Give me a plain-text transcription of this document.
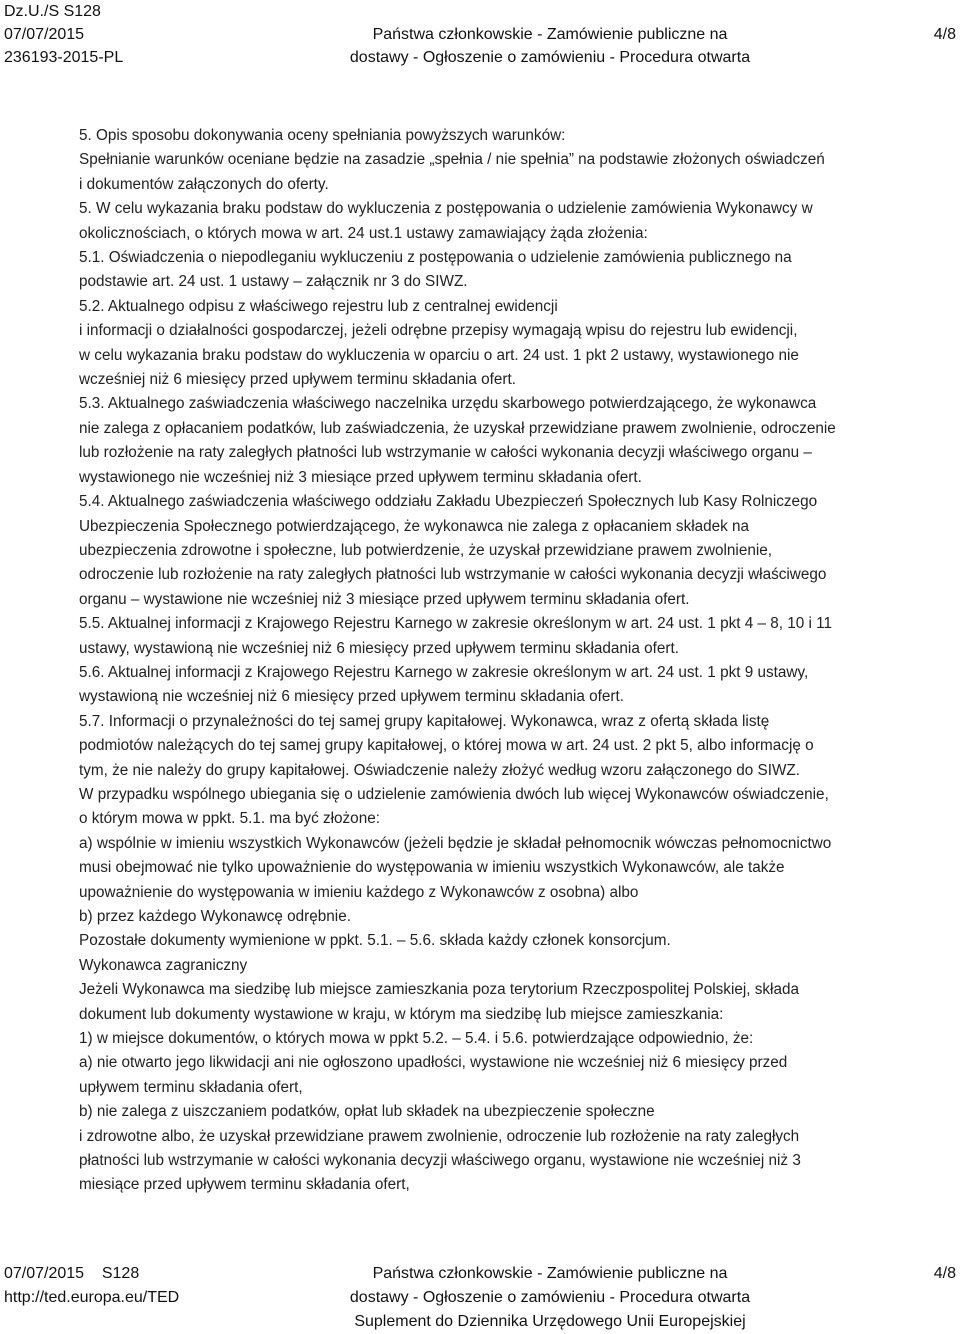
Dz.U./S S128
07/07/2015
236193-2015-PL
Państwa członkowskie - Zamówienie publiczne na
dostawy - Ogłoszenie o zamówieniu - Procedura otwarta
4/8

5. Opis sposobu dokonywania oceny spełniania powyższych warunków:

Spełnianie warunków oceniane będzie na zasadzie „spełnia / nie spełnia” na podstawie złożonych oświadczeń

i dokumentów załączonych do oferty.

5. W celu wykazania braku podstaw do wykluczenia z postępowania o udzielenie zamówienia Wykonawcy w

okolicznościach, o których mowa w art. 24 ust.1 ustawy zamawiający żąda złożenia:

5.1. Oświadczenia o niepodleganiu wykluczeniu z postępowania o udzielenie zamówienia publicznego na

podstawie art. 24 ust. 1 ustawy – załącznik nr 3 do SIWZ.

5.2. Aktualnego odpisu z właściwego rejestru lub z centralnej ewidencji

i informacji o działalności gospodarczej, jeżeli odrębne przepisy wymagają wpisu do rejestru lub ewidencji,

w celu wykazania braku podstaw do wykluczenia w oparciu o art. 24 ust. 1 pkt 2 ustawy, wystawionego nie

wcześniej niż 6 miesięcy przed upływem terminu składania ofert.

5.3. Aktualnego zaświadczenia właściwego naczelnika urzędu skarbowego potwierdzającego, że wykonawca

nie zalega z opłacaniem podatków, lub zaświadczenia, że uzyskał przewidziane prawem zwolnienie, odroczenie

lub rozłożenie na raty zaległych płatności lub wstrzymanie w całości wykonania decyzji właściwego organu –

wystawionego nie wcześniej niż 3 miesiące przed upływem terminu składania ofert.

5.4. Aktualnego zaświadczenia właściwego oddziału Zakładu Ubezpieczeń Społecznych lub Kasy Rolniczego

Ubezpieczenia Społecznego potwierdzającego, że wykonawca nie zalega z opłacaniem składek na

ubezpieczenia zdrowotne i społeczne, lub potwierdzenie, że uzyskał przewidziane prawem zwolnienie,

odroczenie lub rozłożenie na raty zaległych płatności lub wstrzymanie w całości wykonania decyzji właściwego

organu – wystawione nie wcześniej niż 3 miesiące przed upływem terminu składania ofert.

5.5. Aktualnej informacji z Krajowego Rejestru Karnego w zakresie określonym w art. 24 ust. 1 pkt 4 – 8, 10 i 11

ustawy, wystawioną nie wcześniej niż 6 miesięcy przed upływem terminu składania ofert.

5.6. Aktualnej informacji z Krajowego Rejestru Karnego w zakresie określonym w art. 24 ust. 1 pkt 9 ustawy,

wystawioną nie wcześniej niż 6 miesięcy przed upływem terminu składania ofert.

5.7. Informacji o przynależności do tej samej grupy kapitałowej. Wykonawca, wraz z ofertą składa listę

podmiotów należących do tej samej grupy kapitałowej, o której mowa w art. 24 ust. 2 pkt 5, albo informację o

tym, że nie należy do grupy kapitałowej. Oświadczenie należy złożyć według wzoru załączonego do SIWZ.

W przypadku wspólnego ubiegania się o udzielenie zamówienia dwóch lub więcej Wykonawców oświadczenie,

o którym mowa w ppkt. 5.1. ma być złożone:

a) wspólnie w imieniu wszystkich Wykonawców (jeżeli będzie je składał pełnomocnik wówczas pełnomocnictwo

musi obejmować nie tylko upoważnienie do występowania w imieniu wszystkich Wykonawców, ale także

upoważnienie do występowania w imieniu każdego z Wykonawców z osobna) albo

b) przez każdego Wykonawcę odrębnie.

Pozostałe dokumenty wymienione w ppkt. 5.1. – 5.6. składa każdy członek konsorcjum.

Wykonawca zagraniczny

Jeżeli Wykonawca ma siedzibę lub miejsce zamieszkania poza terytorium Rzeczpospolitej Polskiej, składa

dokument lub dokumenty wystawione w kraju, w którym ma siedzibę lub miejsce zamieszkania:

1) w miejsce dokumentów, o których mowa w ppkt 5.2. – 5.4. i 5.6. potwierdzające odpowiednio, że:

a) nie otwarto jego likwidacji ani nie ogłoszono upadłości, wystawione nie wcześniej niż 6 miesięcy przed

upływem terminu składania ofert,

b) nie zalega z uiszczaniem podatków, opłat lub składek na ubezpieczenie społeczne

i zdrowotne albo, że uzyskał przewidziane prawem zwolnienie, odroczenie lub rozłożenie na raty zaległych

płatności lub wstrzymanie w całości wykonania decyzji właściwego organu, wystawione nie wcześniej niż 3

miesiące przed upływem terminu składania ofert,

07/07/2015    S128
http://ted.europa.eu/TED
Państwa członkowskie - Zamówienie publiczne na
dostawy - Ogłoszenie o zamówieniu - Procedura otwarta
Suplement do Dziennika Urzędowego Unii Europejskiej
4/8
